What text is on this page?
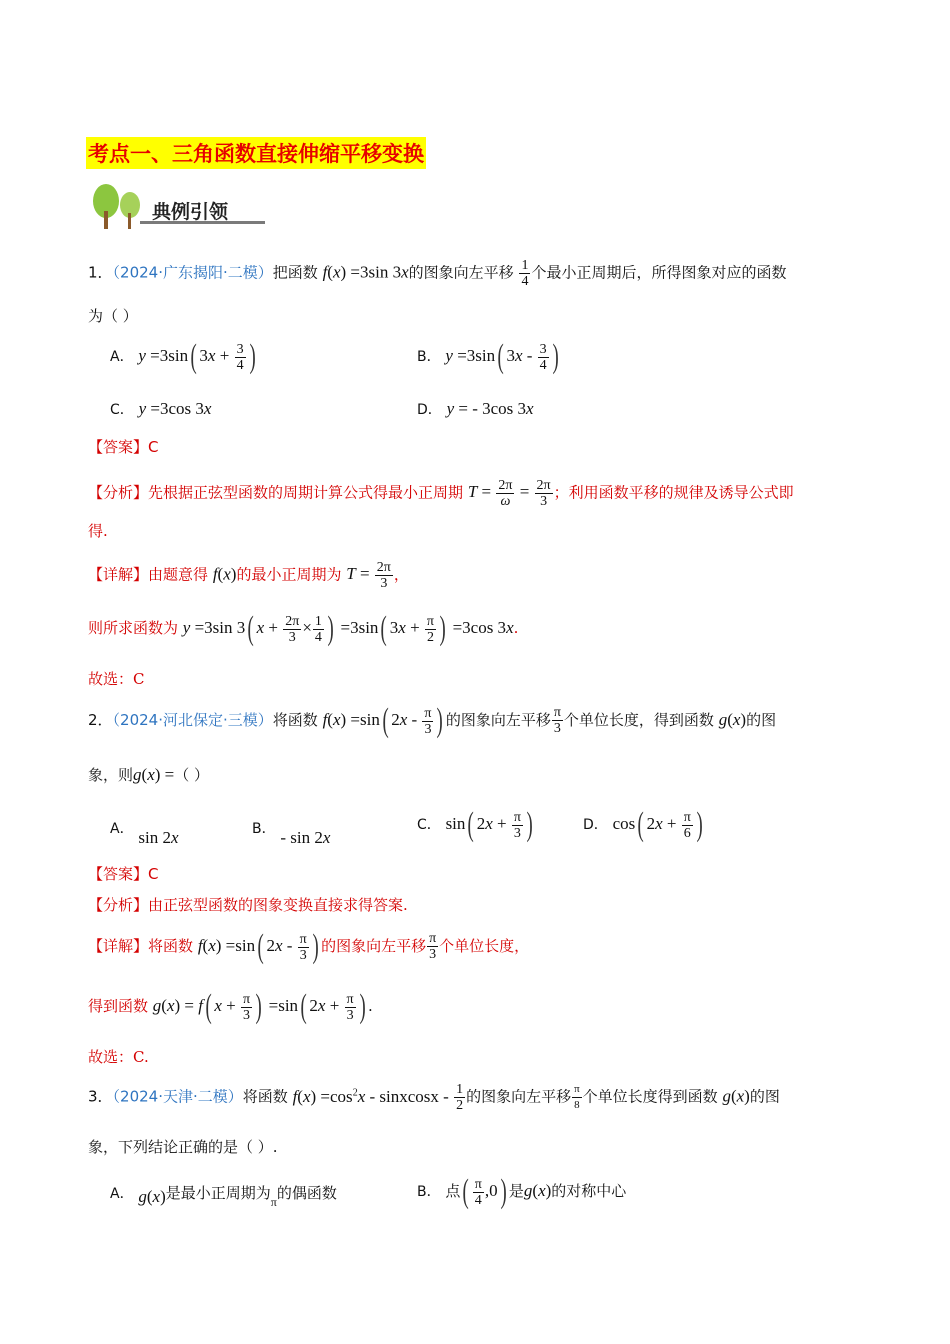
考点一、三角函数直接伸缩平移变换
典例引领
1．（2024·广东揭阳·二模）把函数 f(x) =3sin 3x的图象向左平移 $\frac{1}{4}$ 个最小正周期后，所得图象对应的函数
为（ ）
A． y =3sin( $3x + \frac{3}{4}$ )	B． y =3sin( $3x - \frac{3}{4}$ )
C． y =3cos 3x	D． y = - 3cos 3x
【答案】C
【分析】先根据正弦型函数的周期计算公式得最小正周期 $T = \frac{2\pi}{\omega} = \frac{2\pi}{3}$ ；利用函数平移的规律及诱导公式即
得.
【详解】由题意得 f(x)的最小正周期为 $T = \frac{2\pi}{3}$ ，
则所求函数为 y =3sin 3( $x + \frac{2\pi}{3} \times \frac{1}{4}$ ) =3sin( $3x + \frac{\pi}{2}$ ) =3cos 3x.
故选：C
2．（2024·河北保定·三模）将函数 f(x) =sin( $2x - \frac{\pi}{3}$ ) 的图象向左平移 $\frac{\pi}{3}$ 个单位长度，得到函数 g(x)的图
象，则g(x) =（ ）
A． sin 2x	B． - sin 2x
C． sin( $2x + \frac{\pi}{3}$ )	D． cos( $2x + \frac{\pi}{6}$ )
【答案】C
【分析】由正弦型函数的图象变换直接求得答案.
【详解】将函数 f(x) =sin( $2x - \frac{\pi}{3}$ ) 的图象向左平移 $\frac{\pi}{3}$ 个单位长度，
得到函数 g(x) = f( $x + \frac{\pi}{3}$ ) =sin( $2x + \frac{\pi}{3}$ ) .
故选：C.
3．（2024·天津·二模）将函数 $f(x) =\cos^2x$ - sinxcosx - $\frac{1}{2}$ 的图象向左平移 $\frac{\pi}{8}$ 个单位长度得到函数 g(x)的图
象，下列结论正确的是（ ）.
A． g(x)是最小正周期为$_\pi$的偶函数	B． 点( $\frac{\pi}{4} ,0$) 是g(x)的对称中心
